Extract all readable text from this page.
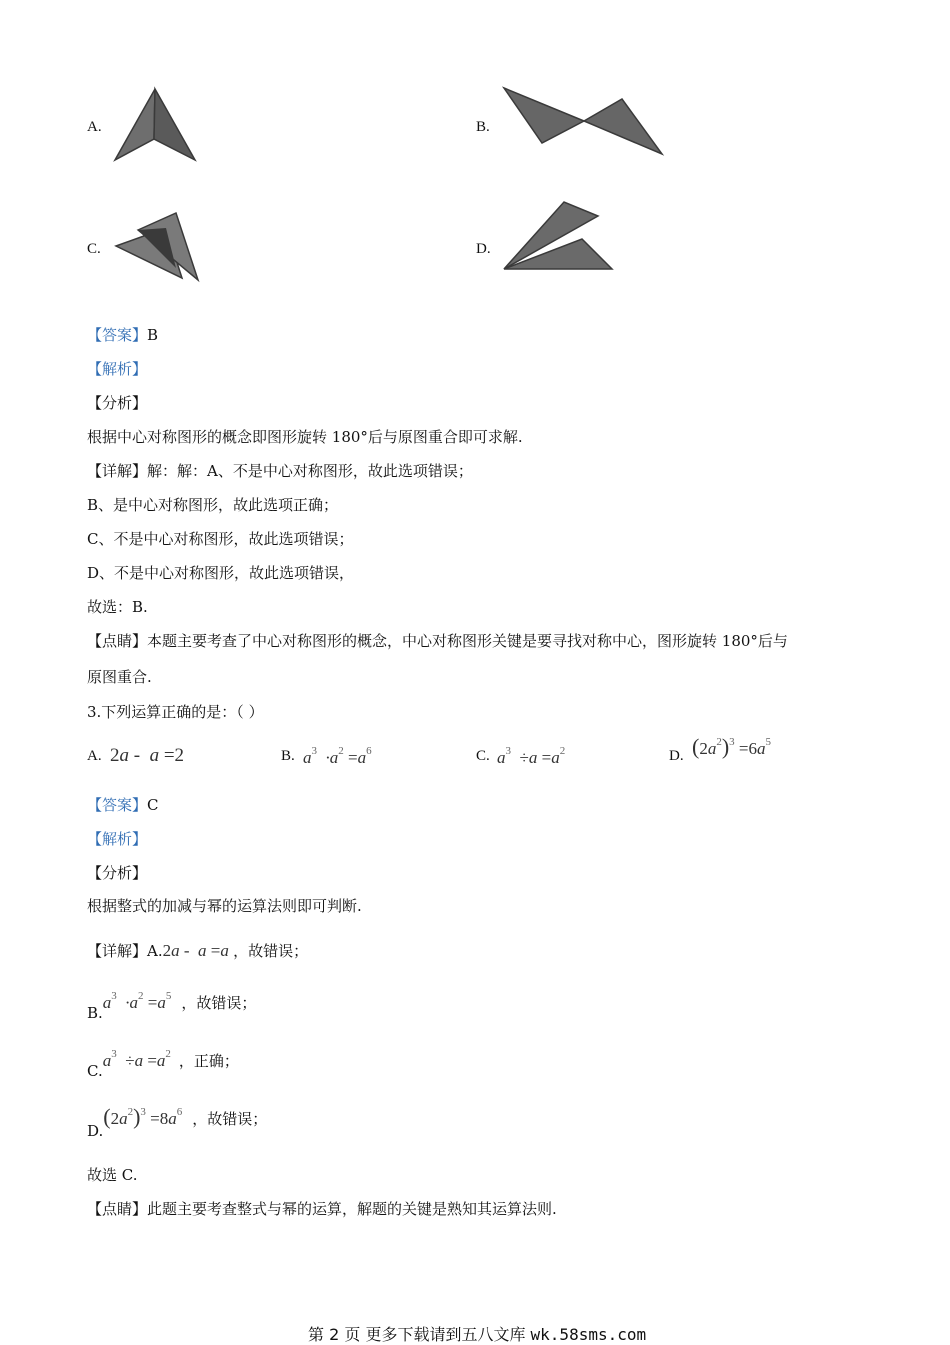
A.	B.
C.	D.
【答案】B
【解析】
【分析】
根据中心对称图形的概念即图形旋转 180°后与原图重合即可求解.
【详解】解：解：A、不是中心对称图形，故此选项错误；
B、是中心对称图形，故此选项正确；
C、不是中心对称图形，故此选项错误；
D、不是中心对称图形，故此选项错误，
故选：B.
【点睛】本题主要考查了中心对称图形的概念，中心对称图形关键是要寻找对称中心，图形旋转 180°后与
原图重合.
3.下列运算正确的是：（ ）
A. 2a -  a =2	B. $a^3 \cdot a^2 =a^6$	C. $a^3 \div a =a^2$	D. $(2a^2)^3 =6a^5$
【答案】C
【解析】
【分析】
根据整式的加减与幂的运算法则即可判断.
【详解】A.2a -  a =a ，故错误；
$B.a^3 \cdot a^2 =a^5$ ，故错误；
$C.a^3 \div a =a^2$ ，正确；
$D.(2a^2)^3 =8a^6$ ，故错误；
故选 C.
【点睛】此题主要考查整式与幂的运算，解题的关键是熟知其运算法则.
第 2 页 更多下载请到五八文库 wk.58sms.com
